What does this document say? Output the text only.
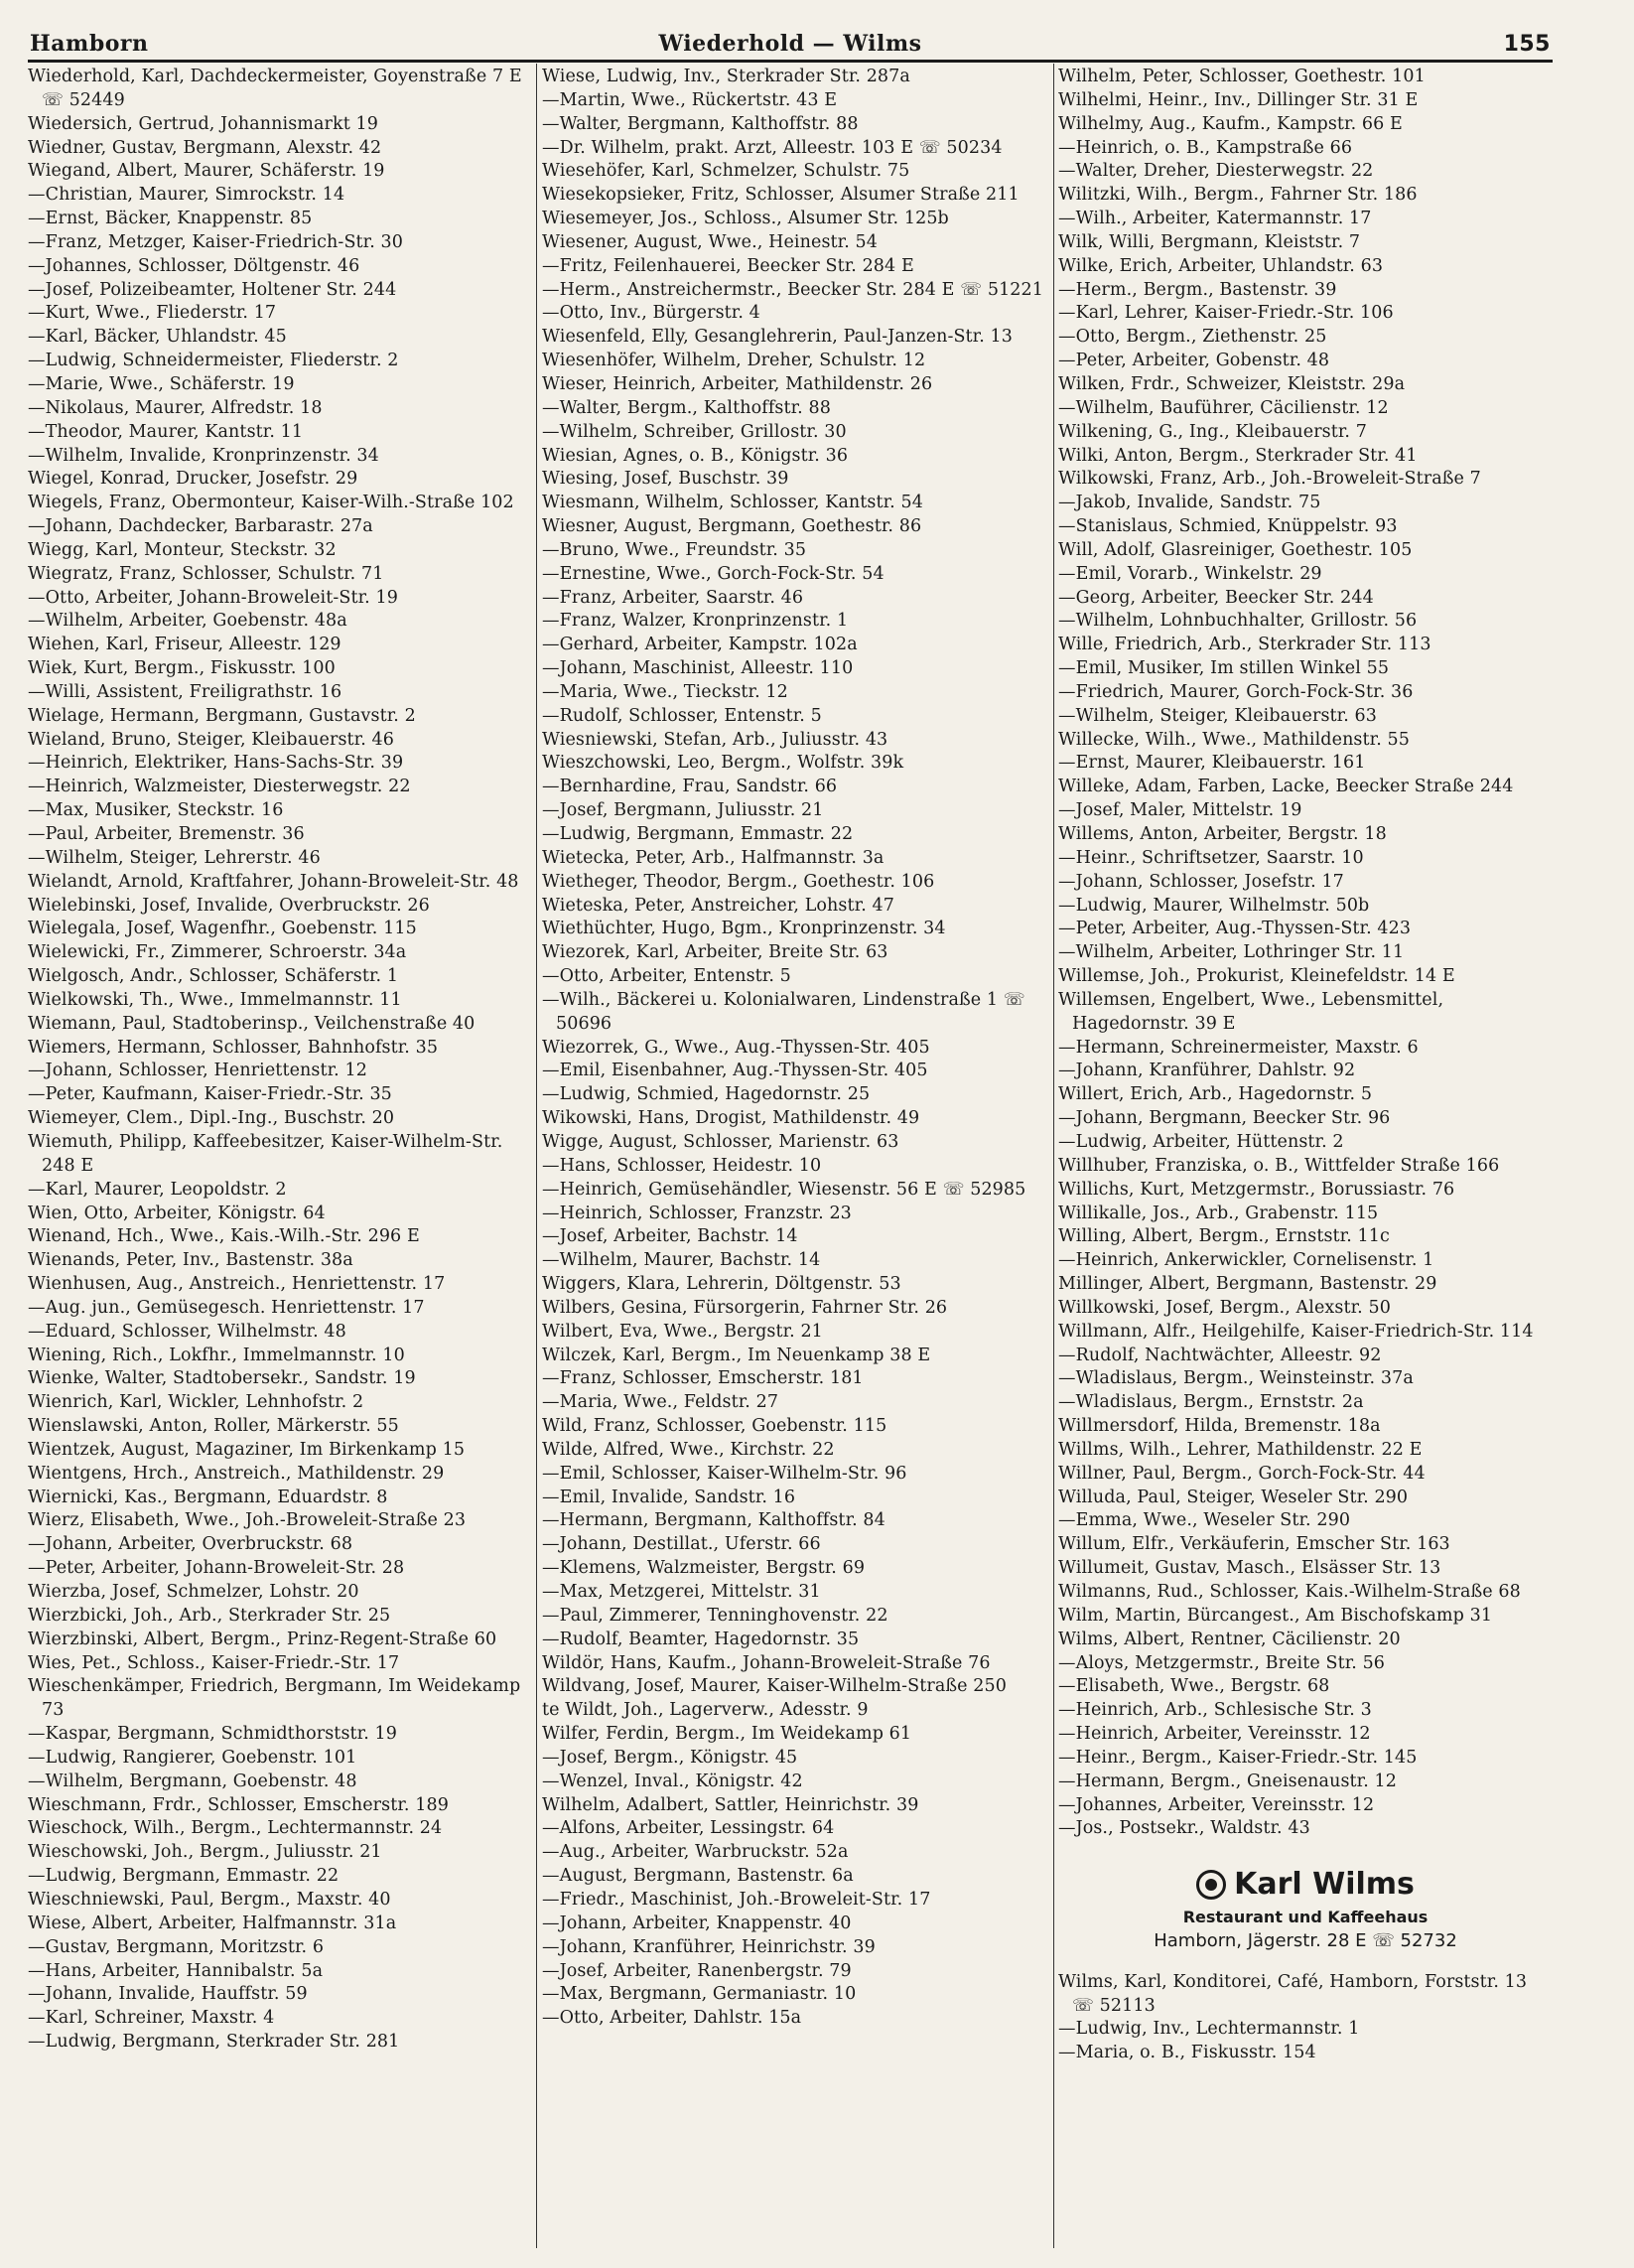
Hamborn	Wiederhold — Wilms	155

Wiederhold, Karl, Dachdeckermeister, Goyenstraße 7 E ☏ 52449

Wiedersich, Gertrud, Johannismarkt 19

Wiedner, Gustav, Bergmann, Alexstr. 42

Wiegand, Albert, Maurer, Schäferstr. 19

—Christian, Maurer, Simrockstr. 14

—Ernst, Bäcker, Knappenstr. 85

—Franz, Metzger, Kaiser-Friedrich-Str. 30

—Johannes, Schlosser, Döltgenstr. 46

—Josef, Polizeibeamter, Holtener Str. 244

—Kurt, Wwe., Fliederstr. 17

—Karl, Bäcker, Uhlandstr. 45

—Ludwig, Schneidermeister, Fliederstr. 2

—Marie, Wwe., Schäferstr. 19

—Nikolaus, Maurer, Alfredstr. 18

—Theodor, Maurer, Kantstr. 11

—Wilhelm, Invalide, Kronprinzenstr. 34

Wiegel, Konrad, Drucker, Josefstr. 29

Wiegels, Franz, Obermonteur, Kaiser-Wilh.-Straße 102

—Johann, Dachdecker, Barbarastr. 27a

Wiegg, Karl, Monteur, Steckstr. 32

Wiegratz, Franz, Schlosser, Schulstr. 71

—Otto, Arbeiter, Johann-Broweleit-Str. 19

—Wilhelm, Arbeiter, Goebenstr. 48a

Wiehen, Karl, Friseur, Alleestr. 129

Wiek, Kurt, Bergm., Fiskusstr. 100

—Willi, Assistent, Freiligrathstr. 16

Wielage, Hermann, Bergmann, Gustavstr. 2

Wieland, Bruno, Steiger, Kleibauerstr. 46

—Heinrich, Elektriker, Hans-Sachs-Str. 39

—Heinrich, Walzmeister, Diesterwegstr. 22

—Max, Musiker, Steckstr. 16

—Paul, Arbeiter, Bremenstr. 36

—Wilhelm, Steiger, Lehrerstr. 46

Wielandt, Arnold, Kraftfahrer, Johann-Broweleit-Str. 48

Wielebinski, Josef, Invalide, Overbruckstr. 26

Wielegala, Josef, Wagenfhr., Goebenstr. 115

Wielewicki, Fr., Zimmerer, Schroerstr. 34a

Wielgosch, Andr., Schlosser, Schäferstr. 1

Wielkowski, Th., Wwe., Immelmannstr. 11

Wiemann, Paul, Stadtoberinsp., Veilchenstraße 40

Wiemers, Hermann, Schlosser, Bahnhofstr. 35

—Johann, Schlosser, Henriettenstr. 12

—Peter, Kaufmann, Kaiser-Friedr.-Str. 35

Wiemeyer, Clem., Dipl.-Ing., Buschstr. 20

Wiemuth, Philipp, Kaffeebesitzer, Kaiser-Wilhelm-Str. 248 E

—Karl, Maurer, Leopoldstr. 2

Wien, Otto, Arbeiter, Königstr. 64

Wienand, Hch., Wwe., Kais.-Wilh.-Str. 296 E

Wienands, Peter, Inv., Bastenstr. 38a

Wienhusen, Aug., Anstreich., Henriettenstr. 17

—Aug. jun., Gemüsegesch. Henriettenstr. 17

—Eduard, Schlosser, Wilhelmstr. 48

Wiening, Rich., Lokfhr., Immelmannstr. 10

Wienke, Walter, Stadtobersekr., Sandstr. 19

Wienrich, Karl, Wickler, Lehnhofstr. 2

Wienslawski, Anton, Roller, Märkerstr. 55

Wientzek, August, Magaziner, Im Birkenkamp 15

Wientgens, Hrch., Anstreich., Mathildenstr. 29

Wiernicki, Kas., Bergmann, Eduardstr. 8

Wierz, Elisabeth, Wwe., Joh.-Broweleit-Straße 23

—Johann, Arbeiter, Overbruckstr. 68

—Peter, Arbeiter, Johann-Broweleit-Str. 28

Wierzba, Josef, Schmelzer, Lohstr. 20

Wierzbicki, Joh., Arb., Sterkrader Str. 25

Wierzbinski, Albert, Bergm., Prinz-Regent-Straße 60

Wies, Pet., Schloss., Kaiser-Friedr.-Str. 17

Wieschenkämper, Friedrich, Bergmann, Im Weidekamp 73

—Kaspar, Bergmann, Schmidthorststr. 19

—Ludwig, Rangierer, Goebenstr. 101

—Wilhelm, Bergmann, Goebenstr. 48

Wieschmann, Frdr., Schlosser, Emscherstr. 189

Wieschock, Wilh., Bergm., Lechtermannstr. 24

Wieschowski, Joh., Bergm., Juliusstr. 21

—Ludwig, Bergmann, Emmastr. 22

Wieschniewski, Paul, Bergm., Maxstr. 40

Wiese, Albert, Arbeiter, Halfmannstr. 31a

—Gustav, Bergmann, Moritzstr. 6

—Hans, Arbeiter, Hannibalstr. 5a

—Johann, Invalide, Hauffstr. 59

—Karl, Schreiner, Maxstr. 4

—Ludwig, Bergmann, Sterkrader Str. 281

Wiese, Ludwig, Inv., Sterkrader Str. 287a

—Martin, Wwe., Rückertstr. 43 E

—Walter, Bergmann, Kalthoffstr. 88

—Dr. Wilhelm, prakt. Arzt, Alleestr. 103 E ☏ 50234

Wiesehöfer, Karl, Schmelzer, Schulstr. 75

Wiesekopsieker, Fritz, Schlosser, Alsumer Straße 211

Wiesemeyer, Jos., Schloss., Alsumer Str. 125b

Wiesener, August, Wwe., Heinestr. 54

—Fritz, Feilenhauerei, Beecker Str. 284 E

—Herm., Anstreichermstr., Beecker Str. 284 E ☏ 51221

—Otto, Inv., Bürgerstr. 4

Wiesenfeld, Elly, Gesanglehrerin, Paul-Janzen-Str. 13

Wiesenhöfer, Wilhelm, Dreher, Schulstr. 12

Wieser, Heinrich, Arbeiter, Mathildenstr. 26

—Walter, Bergm., Kalthoffstr. 88

—Wilhelm, Schreiber, Grillostr. 30

Wiesian, Agnes, o. B., Königstr. 36

Wiesing, Josef, Buschstr. 39

Wiesmann, Wilhelm, Schlosser, Kantstr. 54

Wiesner, August, Bergmann, Goethestr. 86

—Bruno, Wwe., Freundstr. 35

—Ernestine, Wwe., Gorch-Fock-Str. 54

—Franz, Arbeiter, Saarstr. 46

—Franz, Walzer, Kronprinzenstr. 1

—Gerhard, Arbeiter, Kampstr. 102a

—Johann, Maschinist, Alleestr. 110

—Maria, Wwe., Tieckstr. 12

—Rudolf, Schlosser, Entenstr. 5

Wiesniewski, Stefan, Arb., Juliusstr. 43

Wieszchowski, Leo, Bergm., Wolfstr. 39k

—Bernhardine, Frau, Sandstr. 66

—Josef, Bergmann, Juliusstr. 21

—Ludwig, Bergmann, Emmastr. 22

Wietecka, Peter, Arb., Halfmannstr. 3a

Wietheger, Theodor, Bergm., Goethestr. 106

Wieteska, Peter, Anstreicher, Lohstr. 47

Wiethüchter, Hugo, Bgm., Kronprinzenstr. 34

Wiezorek, Karl, Arbeiter, Breite Str. 63

—Otto, Arbeiter, Entenstr. 5

—Wilh., Bäckerei u. Kolonialwaren, Lindenstraße 1 ☏ 50696

Wiezorrek, G., Wwe., Aug.-Thyssen-Str. 405

—Emil, Eisenbahner, Aug.-Thyssen-Str. 405

—Ludwig, Schmied, Hagedornstr. 25

Wikowski, Hans, Drogist, Mathildenstr. 49

Wigge, August, Schlosser, Marienstr. 63

—Hans, Schlosser, Heidestr. 10

—Heinrich, Gemüsehändler, Wiesenstr. 56 E ☏ 52985

—Heinrich, Schlosser, Franzstr. 23

—Josef, Arbeiter, Bachstr. 14

—Wilhelm, Maurer, Bachstr. 14

Wiggers, Klara, Lehrerin, Döltgenstr. 53

Wilbers, Gesina, Fürsorgerin, Fahrner Str. 26

Wilbert, Eva, Wwe., Bergstr. 21

Wilczek, Karl, Bergm., Im Neuenkamp 38 E

—Franz, Schlosser, Emscherstr. 181

—Maria, Wwe., Feldstr. 27

Wild, Franz, Schlosser, Goebenstr. 115

Wilde, Alfred, Wwe., Kirchstr. 22

—Emil, Schlosser, Kaiser-Wilhelm-Str. 96

—Emil, Invalide, Sandstr. 16

—Hermann, Bergmann, Kalthoffstr. 84

—Johann, Destillat., Uferstr. 66

—Klemens, Walzmeister, Bergstr. 69

—Max, Metzgerei, Mittelstr. 31

—Paul, Zimmerer, Tenninghovenstr. 22

—Rudolf, Beamter, Hagedornstr. 35

Wildör, Hans, Kaufm., Johann-Broweleit-Straße 76

Wildvang, Josef, Maurer, Kaiser-Wilhelm-Straße 250

te Wildt, Joh., Lagerverw., Adesstr. 9

Wilfer, Ferdin, Bergm., Im Weidekamp 61

—Josef, Bergm., Königstr. 45

—Wenzel, Inval., Königstr. 42

Wilhelm, Adalbert, Sattler, Heinrichstr. 39

—Alfons, Arbeiter, Lessingstr. 64

—Aug., Arbeiter, Warbruckstr. 52a

—August, Bergmann, Bastenstr. 6a

—Friedr., Maschinist, Joh.-Broweleit-Str. 17

—Johann, Arbeiter, Knappenstr. 40

—Johann, Kranführer, Heinrichstr. 39

—Josef, Arbeiter, Ranenbergstr. 79

—Max, Bergmann, Germaniastr. 10

—Otto, Arbeiter, Dahlstr. 15a

Wilhelm, Peter, Schlosser, Goethestr. 101

Wilhelmi, Heinr., Inv., Dillinger Str. 31 E

Wilhelmy, Aug., Kaufm., Kampstr. 66 E

—Heinrich, o. B., Kampstraße 66

—Walter, Dreher, Diesterwegstr. 22

Wilitzki, Wilh., Bergm., Fahrner Str. 186

—Wilh., Arbeiter, Katermannstr. 17

Wilk, Willi, Bergmann, Kleiststr. 7

Wilke, Erich, Arbeiter, Uhlandstr. 63

—Herm., Bergm., Bastenstr. 39

—Karl, Lehrer, Kaiser-Friedr.-Str. 106

—Otto, Bergm., Ziethenstr. 25

—Peter, Arbeiter, Gobenstr. 48

Wilken, Frdr., Schweizer, Kleiststr. 29a

—Wilhelm, Bauführer, Cäcilienstr. 12

Wilkening, G., Ing., Kleibauerstr. 7

Wilki, Anton, Bergm., Sterkrader Str. 41

Wilkowski, Franz, Arb., Joh.-Broweleit-Straße 7

—Jakob, Invalide, Sandstr. 75

—Stanislaus, Schmied, Knüppelstr. 93

Will, Adolf, Glasreiniger, Goethestr. 105

—Emil, Vorarb., Winkelstr. 29

—Georg, Arbeiter, Beecker Str. 244

—Wilhelm, Lohnbuchhalter, Grillostr. 56

Wille, Friedrich, Arb., Sterkrader Str. 113

—Emil, Musiker, Im stillen Winkel 55

—Friedrich, Maurer, Gorch-Fock-Str. 36

—Wilhelm, Steiger, Kleibauerstr. 63

Willecke, Wilh., Wwe., Mathildenstr. 55

—Ernst, Maurer, Kleibauerstr. 161

Willeke, Adam, Farben, Lacke, Beecker Straße 244

—Josef, Maler, Mittelstr. 19

Willems, Anton, Arbeiter, Bergstr. 18

—Heinr., Schriftsetzer, Saarstr. 10

—Johann, Schlosser, Josefstr. 17

—Ludwig, Maurer, Wilhelmstr. 50b

—Peter, Arbeiter, Aug.-Thyssen-Str. 423

—Wilhelm, Arbeiter, Lothringer Str. 11

Willemse, Joh., Prokurist, Kleinefeldstr. 14 E

Willemsen, Engelbert, Wwe., Lebensmittel, Hagedornstr. 39 E

—Hermann, Schreinermeister, Maxstr. 6

—Johann, Kranführer, Dahlstr. 92

Willert, Erich, Arb., Hagedornstr. 5

—Johann, Bergmann, Beecker Str. 96

—Ludwig, Arbeiter, Hüttenstr. 2

Willhuber, Franziska, o. B., Wittfelder Straße 166

Willichs, Kurt, Metzgermstr., Borussiastr. 76

Willikalle, Jos., Arb., Grabenstr. 115

Willing, Albert, Bergm., Ernststr. 11c

—Heinrich, Ankerwickler, Cornelisenstr. 1

Millinger, Albert, Bergmann, Bastenstr. 29

Willkowski, Josef, Bergm., Alexstr. 50

Willmann, Alfr., Heilgehilfe, Kaiser-Friedrich-Str. 114

—Rudolf, Nachtwächter, Alleestr. 92

—Wladislaus, Bergm., Weinsteinstr. 37a

—Wladislaus, Bergm., Ernststr. 2a

Willmersdorf, Hilda, Bremenstr. 18a

Willms, Wilh., Lehrer, Mathildenstr. 22 E

Willner, Paul, Bergm., Gorch-Fock-Str. 44

Willuda, Paul, Steiger, Weseler Str. 290

—Emma, Wwe., Weseler Str. 290

Willum, Elfr., Verkäuferin, Emscher Str. 163

Willumeit, Gustav, Masch., Elsässer Str. 13

Wilmanns, Rud., Schlosser, Kais.-Wilhelm-Straße 68

Wilm, Martin, Bürcangest., Am Bischofskamp 31

Wilms, Albert, Rentner, Cäcilienstr. 20

—Aloys, Metzgermstr., Breite Str. 56

—Elisabeth, Wwe., Bergstr. 68

—Heinrich, Arb., Schlesische Str. 3

—Heinrich, Arbeiter, Vereinsstr. 12

—Heinr., Bergm., Kaiser-Friedr.-Str. 145

—Hermann, Bergm., Gneisenaustr. 12

—Johannes, Arbeiter, Vereinsstr. 12

—Jos., Postsekr., Waldstr. 43

Karl Wilms
Restaurant und Kaffeehaus
Hamborn, Jägerstr. 28 E ☏ 52732

Wilms, Karl, Konditorei, Café, Hamborn, Forststr. 13 ☏ 52113

—Ludwig, Inv., Lechtermannstr. 1

—Maria, o. B., Fiskusstr. 154
